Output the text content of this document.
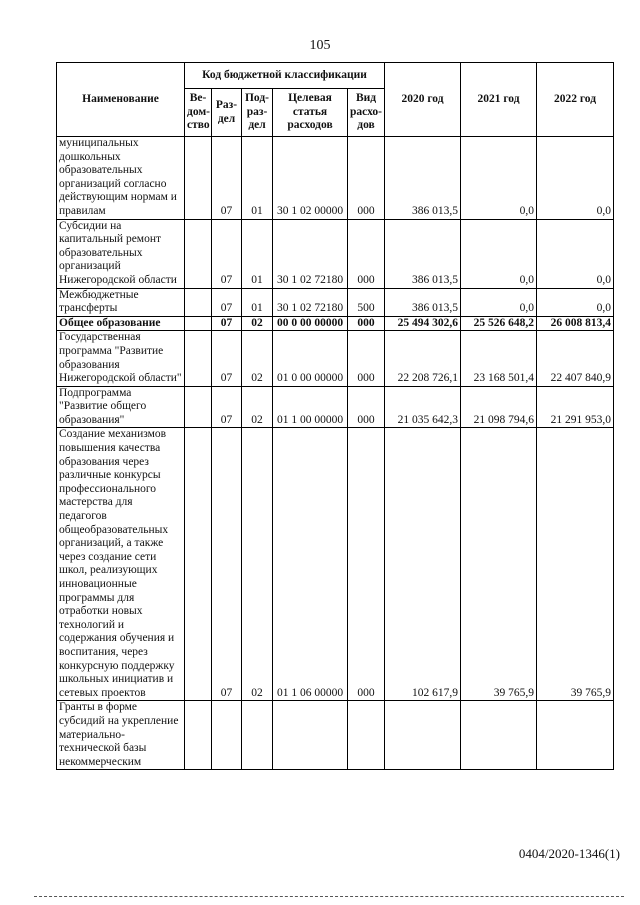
105
Наименование	Код бюджетной классификации					2020 год	2021 год	2022 год
	Ве-дом-ство	Раз-дел	Под-раз-дел	Целевая статья расходов	Вид расхо-дов			
муниципальных дошкольных образовательных организаций согласно действующим нормам и правилам		07	01	30 1 02 00000	000	386 013,5	0,0	0,0
Субсидии на капитальный ремонт образовательных организаций Нижегородской области		07	01	30 1 02 72180	000	386 013,5	0,0	0,0
Межбюджетные трансферты		07	01	30 1 02 72180	500	386 013,5	0,0	0,0
Общее образование		07	02	00 0 00 00000	000	25 494 302,6	25 526 648,2	26 008 813,4
Государственная программа "Развитие образования Нижегородской области"		07	02	01 0 00 00000	000	22 208 726,1	23 168 501,4	22 407 840,9
Подпрограмма "Развитие общего образования"		07	02	01 1 00 00000	000	21 035 642,3	21 098 794,6	21 291 953,0
Создание механизмов повышения качества образования через различные конкурсы профессионального мастерства для педагогов общеобразовательных организаций, а также через создание сети школ, реализующих инновационные программы для отработки новых технологий и содержания обучения и воспитания, через конкурсную поддержку школьных инициатив и сетевых проектов		07	02	01 1 06 00000	000	102 617,9	39 765,9	39 765,9
Гранты в форме субсидий на укрепление материально-технической базы некоммерческим								
0404/2020-1346(1)
